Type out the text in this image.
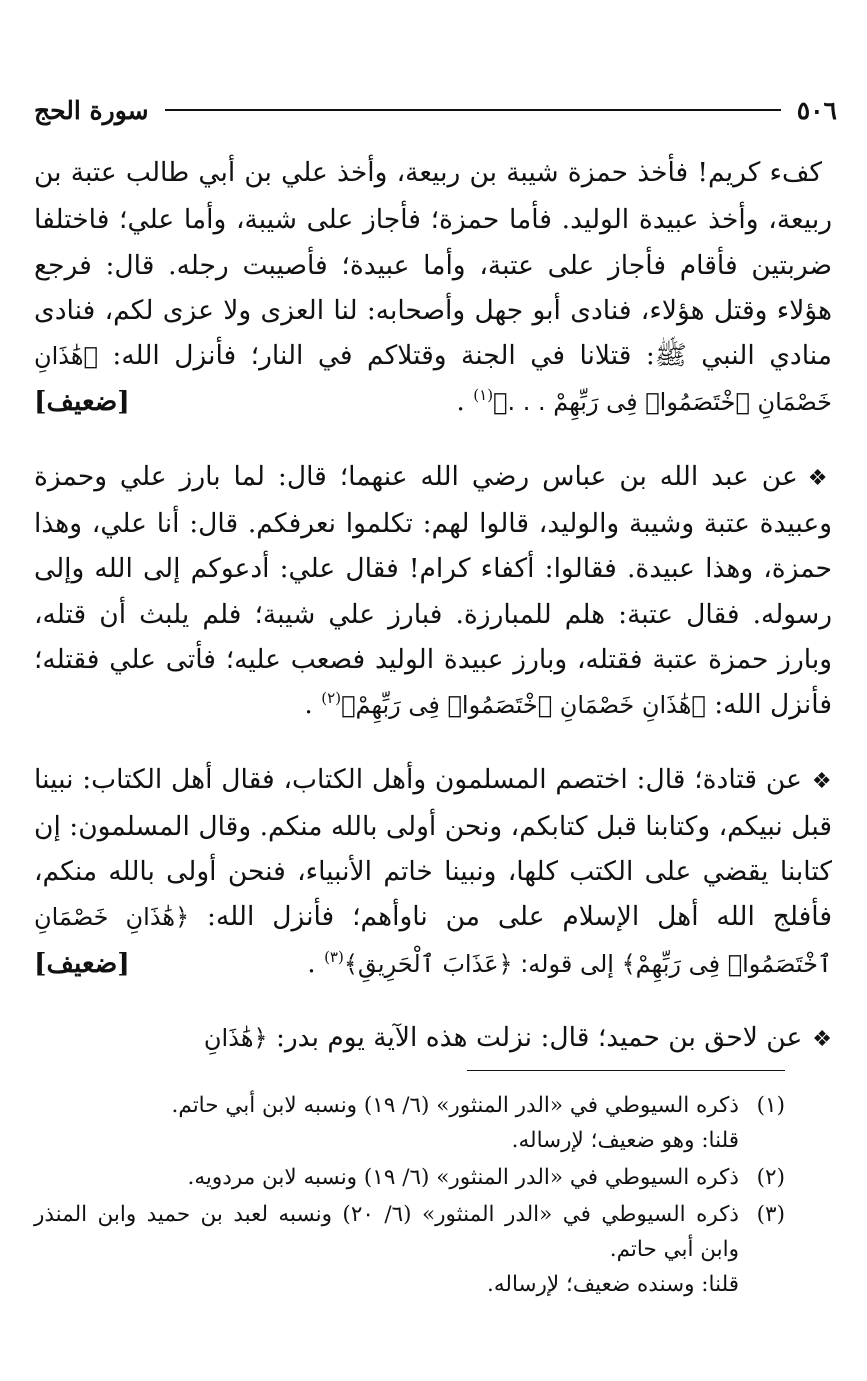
٥٠٦
سورة الحج

كفء كريم! فأخذ حمزة شيبة بن ربيعة، وأخذ علي بن أبي طالب عتبة بن ربيعة، وأخذ عبيدة الوليد. فأما حمزة؛ فأجاز على شيبة، وأما علي؛ فاختلفا ضربتين فأقام فأجاز على عتبة، وأما عبيدة؛ فأصيبت رجله. قال: فرجع هؤلاء وقتل هؤلاء، فنادى أبو جهل وأصحابه: لنا العزى ولا عزى لكم، فنادى منادي النبي ﷺ: قتلانا في الجنة وقتلاكم في النار؛ فأنزل الله: ﴿هَٰذَانِ خَصْمَانِ ٱخْتَصَمُوا۟ فِى رَبِّهِمْ . . .﴾$^{(١)}$ .
[ضعيف]

❖عن عبد الله بن عباس رضي الله عنهما؛ قال: لما بارز علي وحمزة وعبيدة عتبة وشيبة والوليد، قالوا لهم: تكلموا نعرفكم. قال: أنا علي، وهذا حمزة، وهذا عبيدة. فقالوا: أكفاء كرام! فقال علي: أدعوكم إلى الله وإلى رسوله. فقال عتبة: هلم للمبارزة. فبارز علي شيبة؛ فلم يلبث أن قتله، وبارز حمزة عتبة فقتله، وبارز عبيدة الوليد فصعب عليه؛ فأتى علي فقتله؛ فأنزل الله: ﴿هَٰذَانِ خَصْمَانِ ٱخْتَصَمُوا۟ فِى رَبِّهِمْ﴾$^{(٢)}$ .

❖عن قتادة؛ قال: اختصم المسلمون وأهل الكتاب، فقال أهل الكتاب: نبينا قبل نبيكم، وكتابنا قبل كتابكم، ونحن أولى بالله منكم. وقال المسلمون: إن كتابنا يقضي على الكتب كلها، ونبينا خاتم الأنبياء، فنحن أولى بالله منكم، فأفلج الله أهل الإسلام على من ناوأهم؛ فأنزل الله: ﴿هَٰذَانِ خَصْمَانِ ٱخْتَصَمُوا۟ فِى رَبِّهِمْ﴾ إلى قوله: ﴿عَذَابَ ٱلْحَرِيقِ﴾$^{(٣)}$ .
[ضعيف]

❖عن لاحق بن حميد؛ قال: نزلت هذه الآية يوم بدر: ﴿هَٰذَانِ

(١)
ذكره السيوطي في «الدر المنثور» (٦/ ١٩) ونسبه لابن أبي حاتم.
قلنا: وهو ضعيف؛ لإرساله.
(٢)
ذكره السيوطي في «الدر المنثور» (٦/ ١٩) ونسبه لابن مردويه.
(٣)
ذكره السيوطي في «الدر المنثور» (٦/ ٢٠) ونسبه لعبد بن حميد وابن المنذر وابن أبي حاتم.
قلنا: وسنده ضعيف؛ لإرساله.
